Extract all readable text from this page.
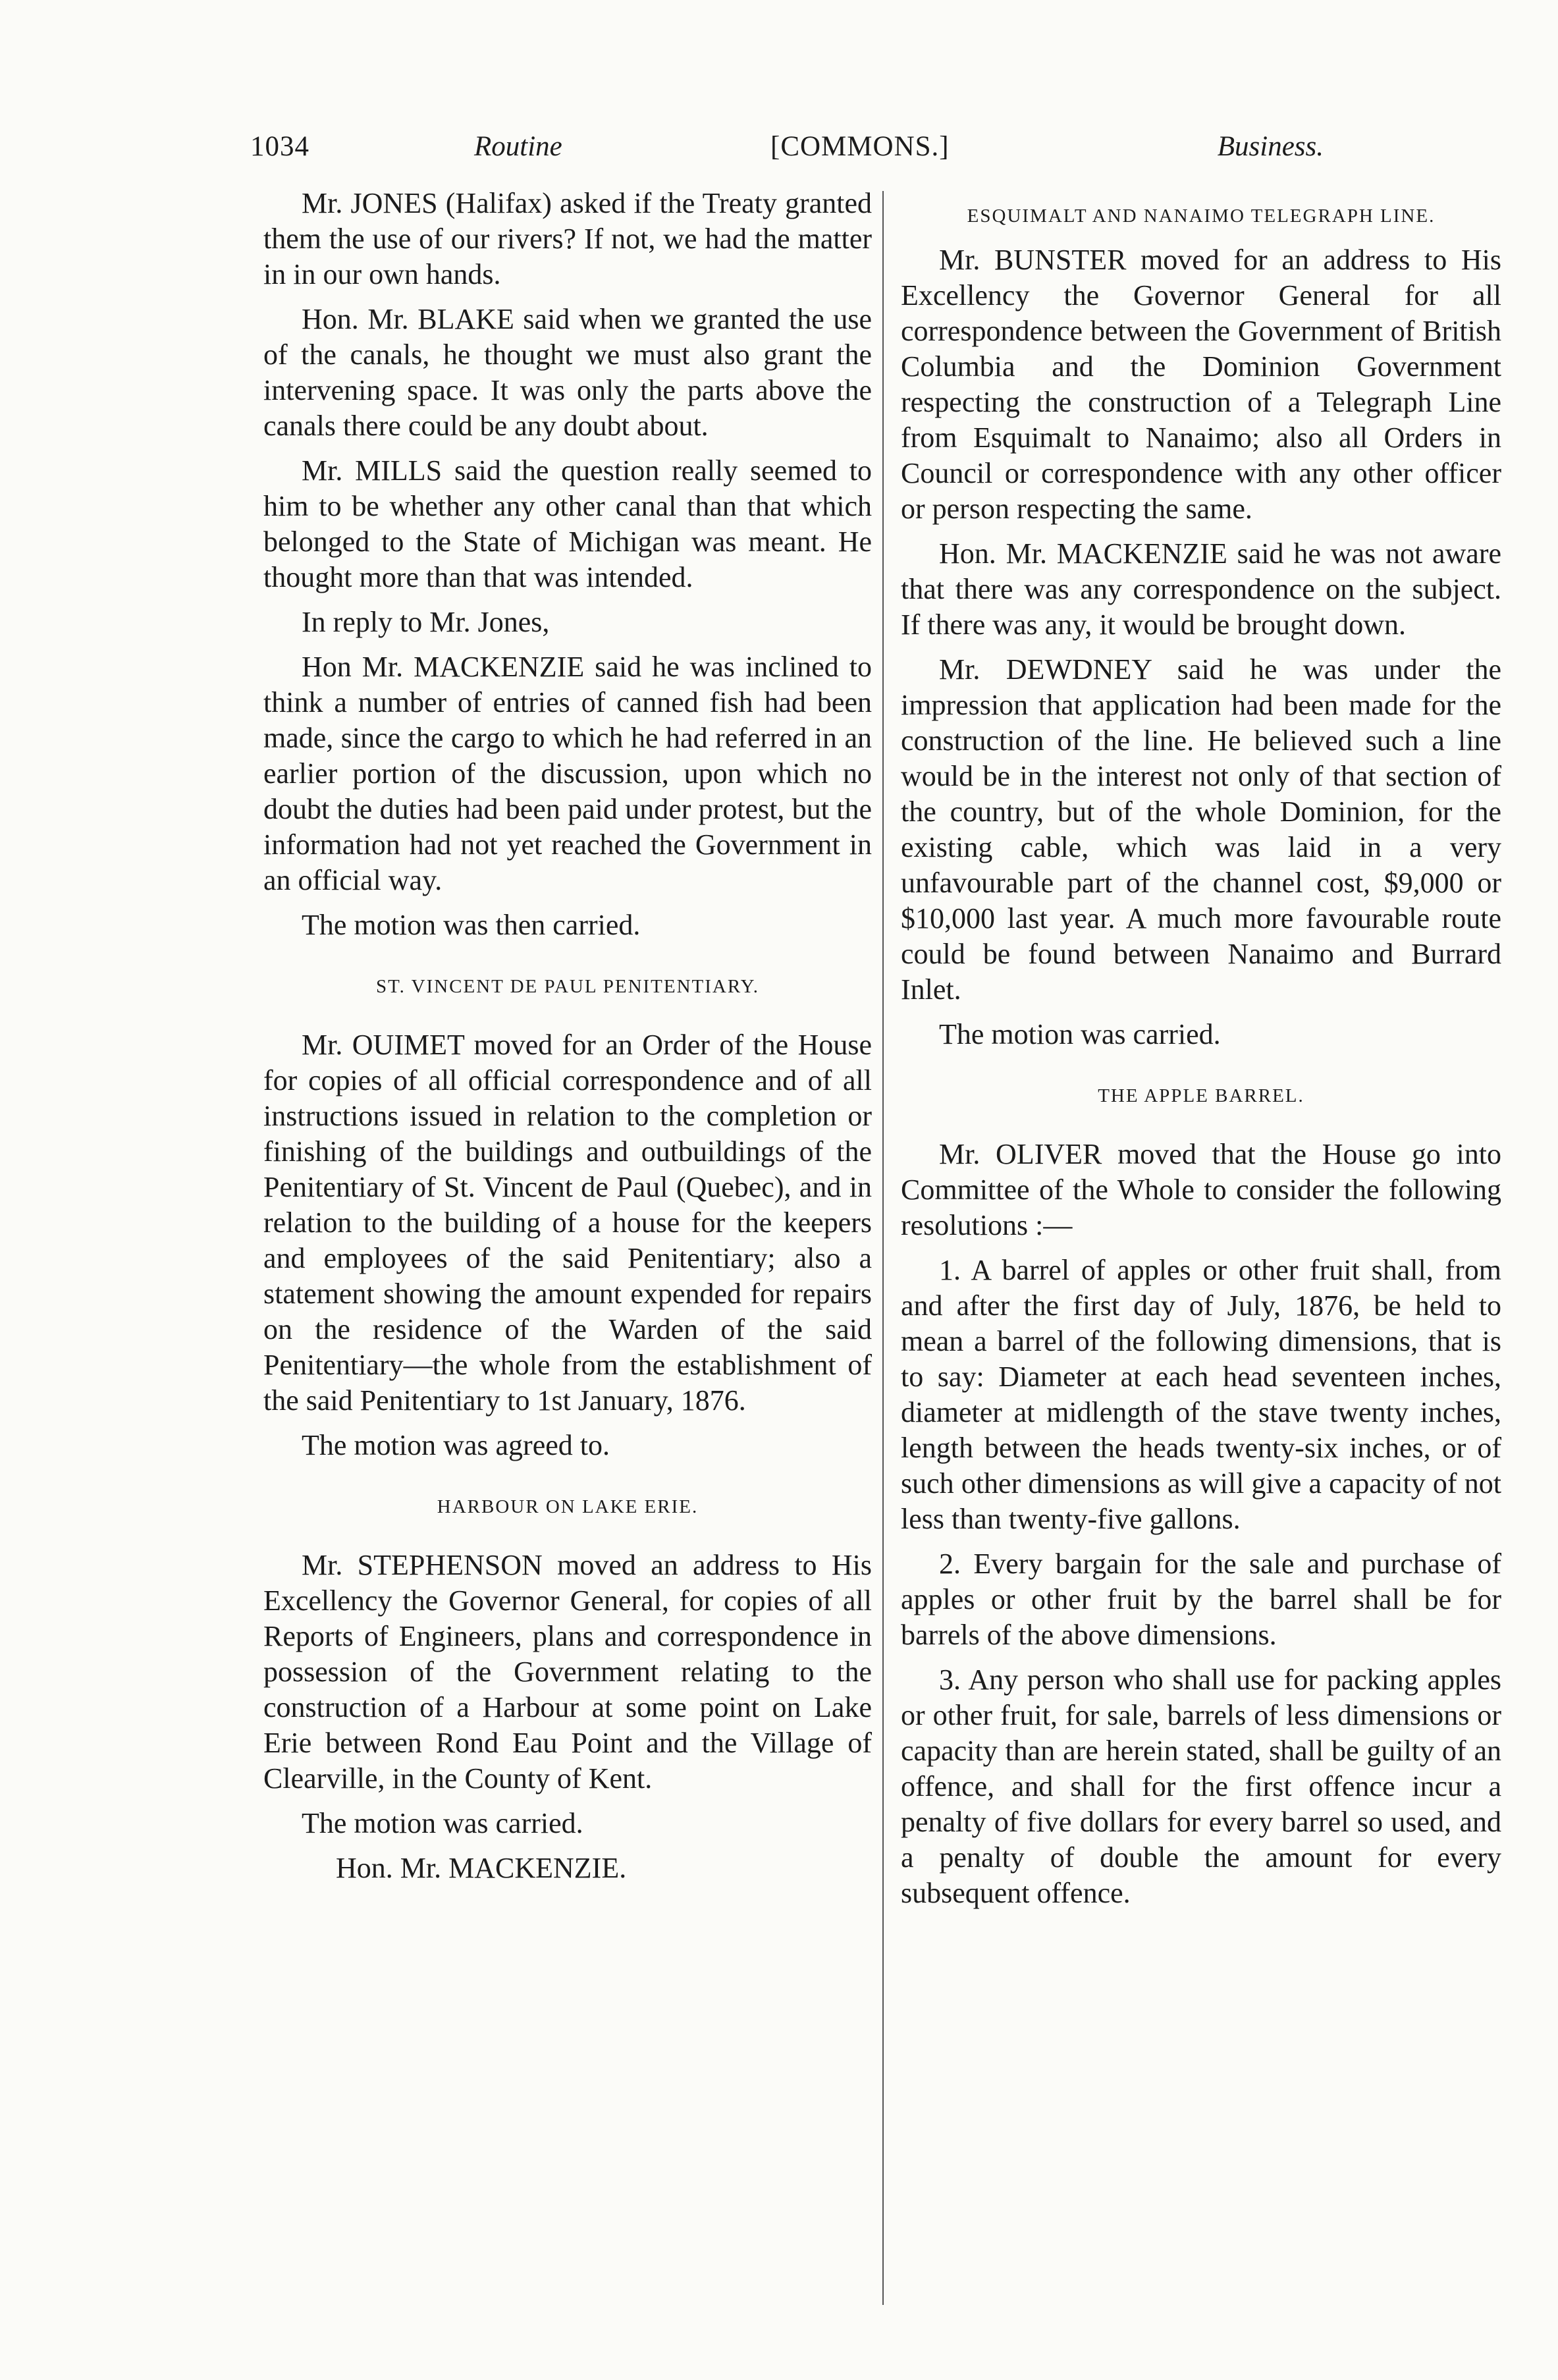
1034	Routine	[COMMONS.]	Business.

Mr. JONES (Halifax) asked if the Treaty granted them the use of our rivers? If not, we had the matter in in our own hands.

Hon. Mr. BLAKE said when we granted the use of the canals, he thought we must also grant the intervening space. It was only the parts above the canals there could be any doubt about.

Mr. MILLS said the question really seemed to him to be whether any other canal than that which belonged to the State of Michigan was meant. He thought more than that was intended.

In reply to Mr. Jones,

Hon Mr. MACKENZIE said he was inclined to think a number of entries of canned fish had been made, since the cargo to which he had referred in an earlier portion of the discussion, upon which no doubt the duties had been paid under protest, but the information had not yet reached the Government in an official way.

The motion was then carried.

ST. VINCENT DE PAUL PENITENTIARY.

Mr. OUIMET moved for an Order of the House for copies of all official correspondence and of all instructions issued in relation to the completion or finishing of the buildings and outbuildings of the Penitentiary of St. Vincent de Paul (Quebec), and in relation to the building of a house for the keepers and employees of the said Penitentiary; also a statement showing the amount expended for repairs on the residence of the Warden of the said Penitentiary—the whole from the establishment of the said Penitentiary to 1st January, 1876.

The motion was agreed to.

HARBOUR ON LAKE ERIE.

Mr. STEPHENSON moved an address to His Excellency the Governor General, for copies of all Reports of Engineers, plans and correspondence in possession of the Government relating to the construction of a Harbour at some point on Lake Erie between Rond Eau Point and the Village of Clearville, in the County of Kent.

The motion was carried.

Hon. Mr. MACKENZIE.

ESQUIMALT AND NANAIMO TELEGRAPH LINE.

Mr. BUNSTER moved for an address to His Excellency the Governor General for all correspondence between the Government of British Columbia and the Dominion Government respecting the construction of a Telegraph Line from Esquimalt to Nanaimo; also all Orders in Council or correspondence with any other officer or person respecting the same.

Hon. Mr. MACKENZIE said he was not aware that there was any correspondence on the subject. If there was any, it would be brought down.

Mr. DEWDNEY said he was under the impression that application had been made for the construction of the line. He believed such a line would be in the interest not only of that section of the country, but of the whole Dominion, for the existing cable, which was laid in a very unfavourable part of the channel cost, $9,000 or $10,000 last year. A much more favourable route could be found between Nanaimo and Burrard Inlet.

The motion was carried.

THE APPLE BARREL.

Mr. OLIVER moved that the House go into Committee of the Whole to consider the following resolutions :—

1. A barrel of apples or other fruit shall, from and after the first day of July, 1876, be held to mean a barrel of the following dimensions, that is to say: Diameter at each head seventeen inches, diameter at midlength of the stave twenty inches, length between the heads twenty-six inches, or of such other dimensions as will give a capacity of not less than twenty-five gallons.

2. Every bargain for the sale and purchase of apples or other fruit by the barrel shall be for barrels of the above dimensions.

3. Any person who shall use for packing apples or other fruit, for sale, barrels of less dimensions or capacity than are herein stated, shall be guilty of an offence, and shall for the first offence incur a penalty of five dollars for every barrel so used, and a penalty of double the amount for every subsequent offence.
